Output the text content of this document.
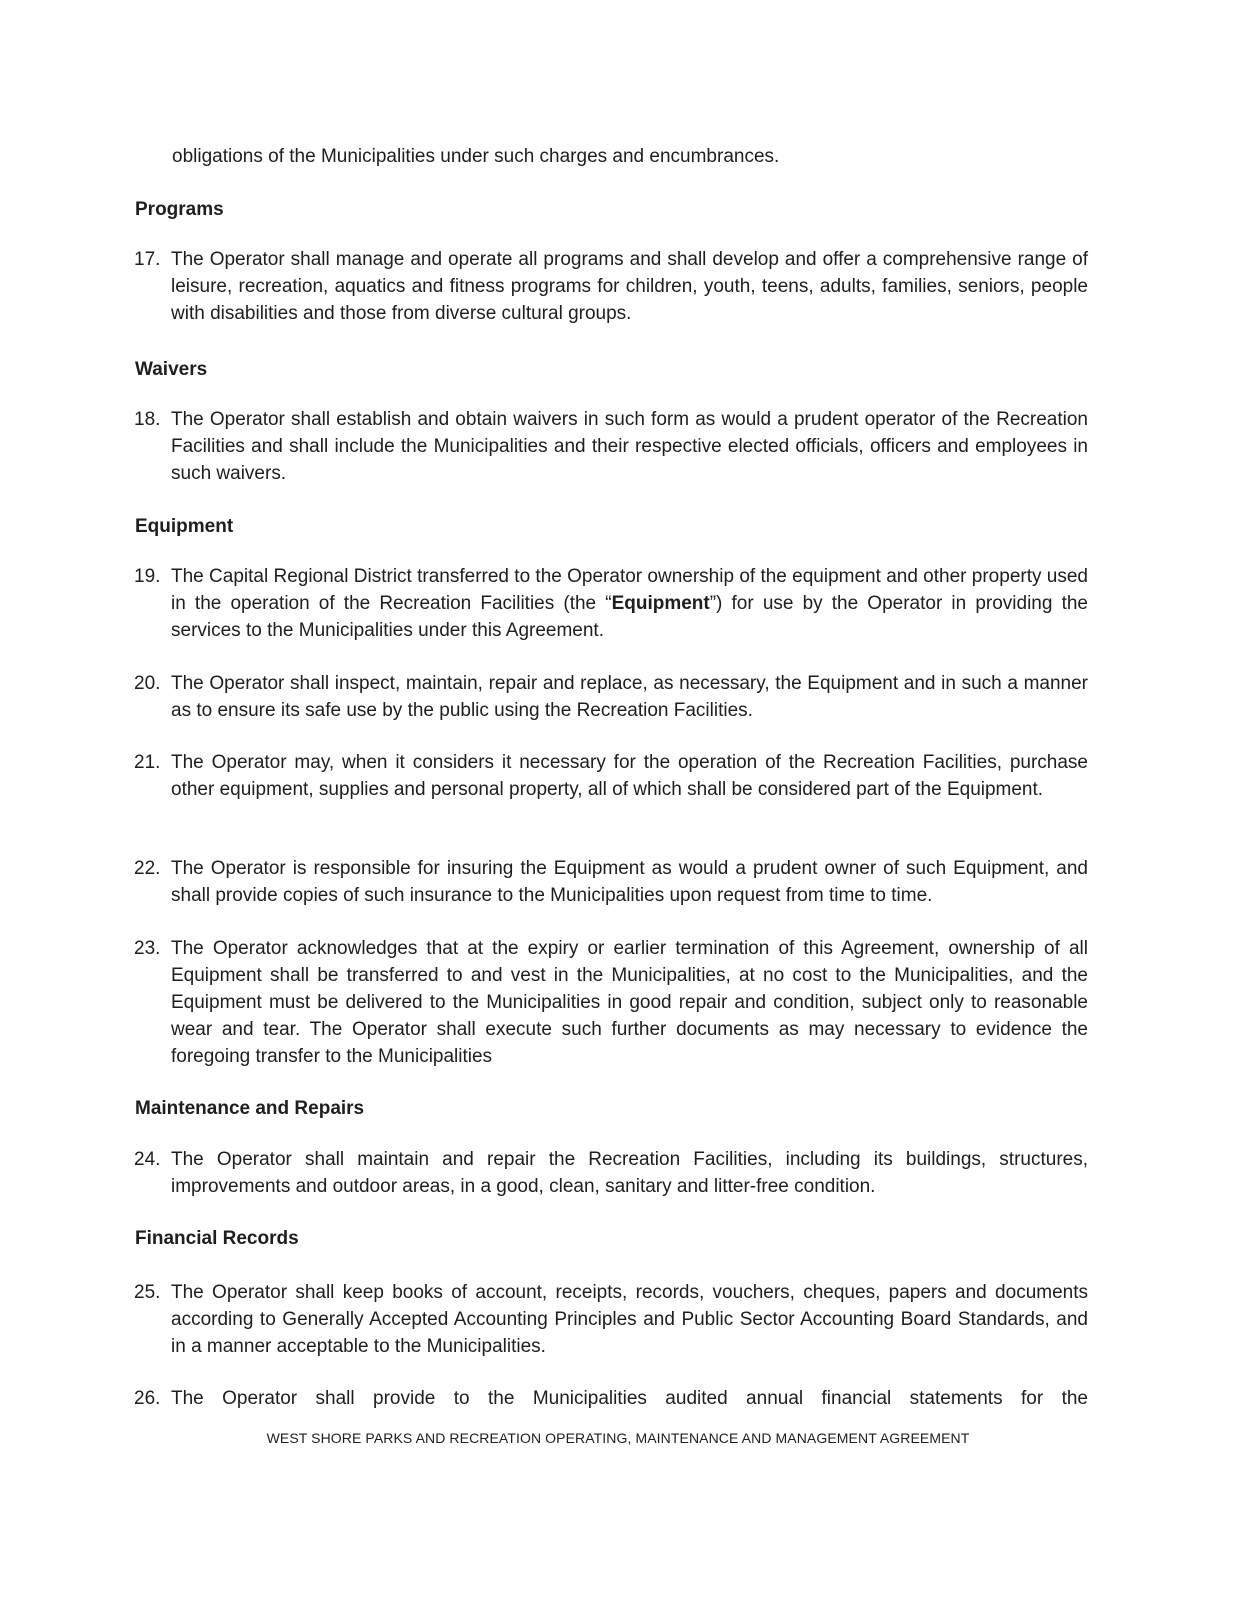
obligations of the Municipalities under such charges and encumbrances.
Programs
17. The Operator shall manage and operate all programs and shall develop and offer a comprehensive range of leisure, recreation, aquatics and fitness programs for children, youth, teens, adults, families, seniors, people with disabilities and those from diverse cultural groups.
Waivers
18. The Operator shall establish and obtain waivers in such form as would a prudent operator of the Recreation Facilities and shall include the Municipalities and their respective elected officials, officers and employees in such waivers.
Equipment
19. The Capital Regional District transferred to the Operator ownership of the equipment and other property used in the operation of the Recreation Facilities (the “Equipment”) for use by the Operator in providing the services to the Municipalities under this Agreement.
20. The Operator shall inspect, maintain, repair and replace, as necessary, the Equipment and in such a manner as to ensure its safe use by the public using the Recreation Facilities.
21. The Operator may, when it considers it necessary for the operation of the Recreation Facilities, purchase other equipment, supplies and personal property, all of which shall be considered part of the Equipment.
22. The Operator is responsible for insuring the Equipment as would a prudent owner of such Equipment, and shall provide copies of such insurance to the Municipalities upon request from time to time.
23. The Operator acknowledges that at the expiry or earlier termination of this Agreement, ownership of all Equipment shall be transferred to and vest in the Municipalities, at no cost to the Municipalities, and the Equipment must be delivered to the Municipalities in good repair and condition, subject only to reasonable wear and tear. The Operator shall execute such further documents as may necessary to evidence the foregoing transfer to the Municipalities
Maintenance and Repairs
24. The Operator shall maintain and repair the Recreation Facilities, including its buildings, structures, improvements and outdoor areas, in a good, clean, sanitary and litter-free condition.
Financial Records
25. The Operator shall keep books of account, receipts, records, vouchers, cheques, papers and documents according to Generally Accepted Accounting Principles and Public Sector Accounting Board Standards, and in a manner acceptable to the Municipalities.
26. The Operator shall provide to the Municipalities audited annual financial statements for the
WEST SHORE PARKS AND RECREATION OPERATING, MAINTENANCE AND MANAGEMENT AGREEMENT
